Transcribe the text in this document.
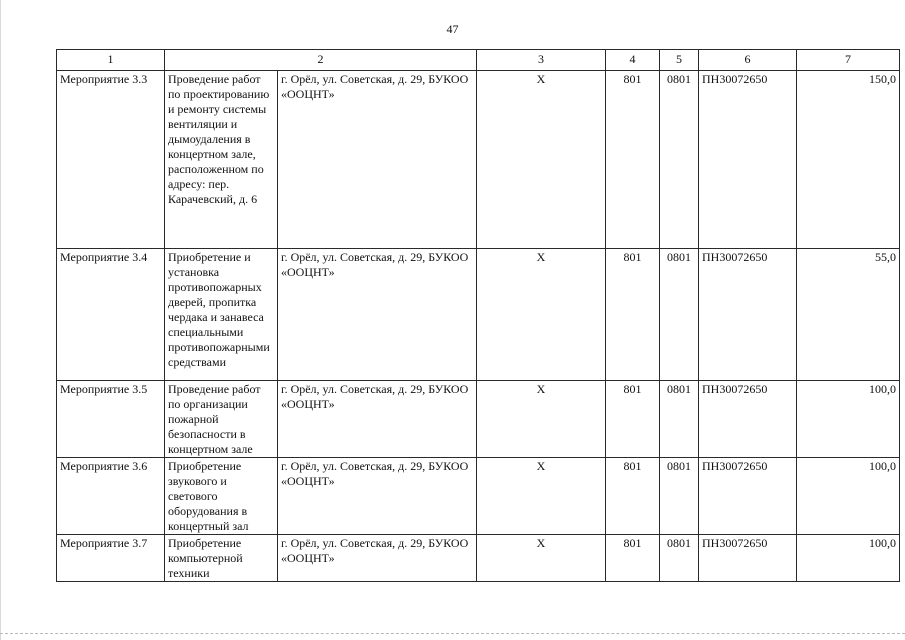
47
1	2		3	4	5	6	7
Мероприятие 3.3	Проведение работ по проектированию и ремонту системы вентиляции и дымоудаления в концертном зале, расположенном по адресу: пер. Карачевский, д. 6	г. Орёл, ул. Советская, д. 29, БУКОО «ООЦНТ»	Х	801	0801	ПН30072650	150,0
Мероприятие 3.4	Приобретение и установка противопожарных дверей, пропитка чердака и занавеса специальными противопожарными средствами	г. Орёл, ул. Советская, д. 29, БУКОО «ООЦНТ»	Х	801	0801	ПН30072650	55,0
Мероприятие 3.5	Проведение работ по организации пожарной безопасности в концертном зале	г. Орёл, ул. Советская, д. 29, БУКОО «ООЦНТ»	Х	801	0801	ПН30072650	100,0
Мероприятие 3.6	Приобретение звукового и светового оборудования в концертный зал	г. Орёл, ул. Советская, д. 29, БУКОО «ООЦНТ»	Х	801	0801	ПН30072650	100,0
Мероприятие 3.7	Приобретение компьютерной техники	г. Орёл, ул. Советская, д. 29, БУКОО «ООЦНТ»	Х	801	0801	ПН30072650	100,0
